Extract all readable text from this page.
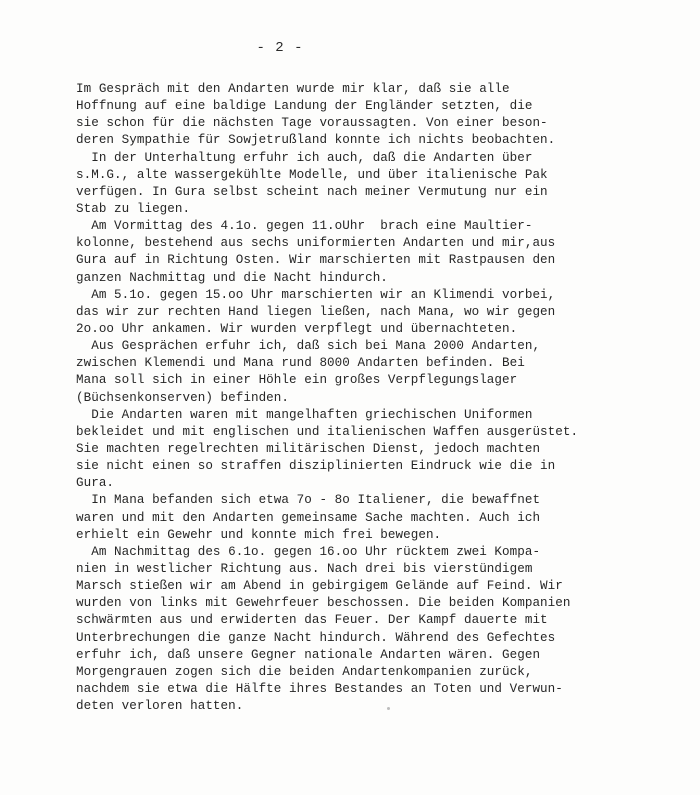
- 2 -
Im Gespräch mit den Andarten wurde mir klar, daß sie alle
Hoffnung auf eine baldige Landung der Engländer setzten, die
sie schon für die nächsten Tage voraussagten. Von einer beson-
deren Sympathie für Sowjetrußland konnte ich nichts beobachten.
In der Unterhaltung erfuhr ich auch, daß die Andarten über
s.M.G., alte wassergekühlte Modelle, und über italienische Pak
verfügen. In Gura selbst scheint nach meiner Vermutung nur ein
Stab zu liegen.
Am Vormittag des 4.1o. gegen 11.oUhr  brach eine Maultier-
kolonne, bestehend aus sechs uniformierten Andarten und mir,aus
Gura auf in Richtung Osten. Wir marschierten mit Rastpausen den
ganzen Nachmittag und die Nacht hindurch.
Am 5.1o. gegen 15.oo Uhr marschierten wir an Klimendi vorbei,
das wir zur rechten Hand liegen ließen, nach Mana, wo wir gegen
2o.oo Uhr ankamen. Wir wurden verpflegt und übernachteten.
Aus Gesprächen erfuhr ich, daß sich bei Mana 2000 Andarten,
zwischen Klemendi und Mana rund 8000 Andarten befinden. Bei
Mana soll sich in einer Höhle ein großes Verpflegungslager
(Büchsenkonserven) befinden.
Die Andarten waren mit mangelhaften griechischen Uniformen
bekleidet und mit englischen und italienischen Waffen ausgerüstet.
Sie machten regelrechten militärischen Dienst, jedoch machten
sie nicht einen so straffen disziplinierten Eindruck wie die in
Gura.
In Mana befanden sich etwa 7o - 8o Italiener, die bewaffnet
waren und mit den Andarten gemeinsame Sache machten. Auch ich
erhielt ein Gewehr und konnte mich frei bewegen.
Am Nachmittag des 6.1o. gegen 16.oo Uhr rücktem zwei Kompa-
nien in westlicher Richtung aus. Nach drei bis vierstündigem
Marsch stießen wir am Abend in gebirgigem Gelände auf Feind. Wir
wurden von links mit Gewehrfeuer beschossen. Die beiden Kompanien
schwärmten aus und erwiderten das Feuer. Der Kampf dauerte mit
Unterbrechungen die ganze Nacht hindurch. Während des Gefechtes
erfuhr ich, daß unsere Gegner nationale Andarten wären. Gegen
Morgengrauen zogen sich die beiden Andartenkompanien zurück,
nachdem sie etwa die Hälfte ihres Bestandes an Toten und Verwun-
deten verloren hatten.
